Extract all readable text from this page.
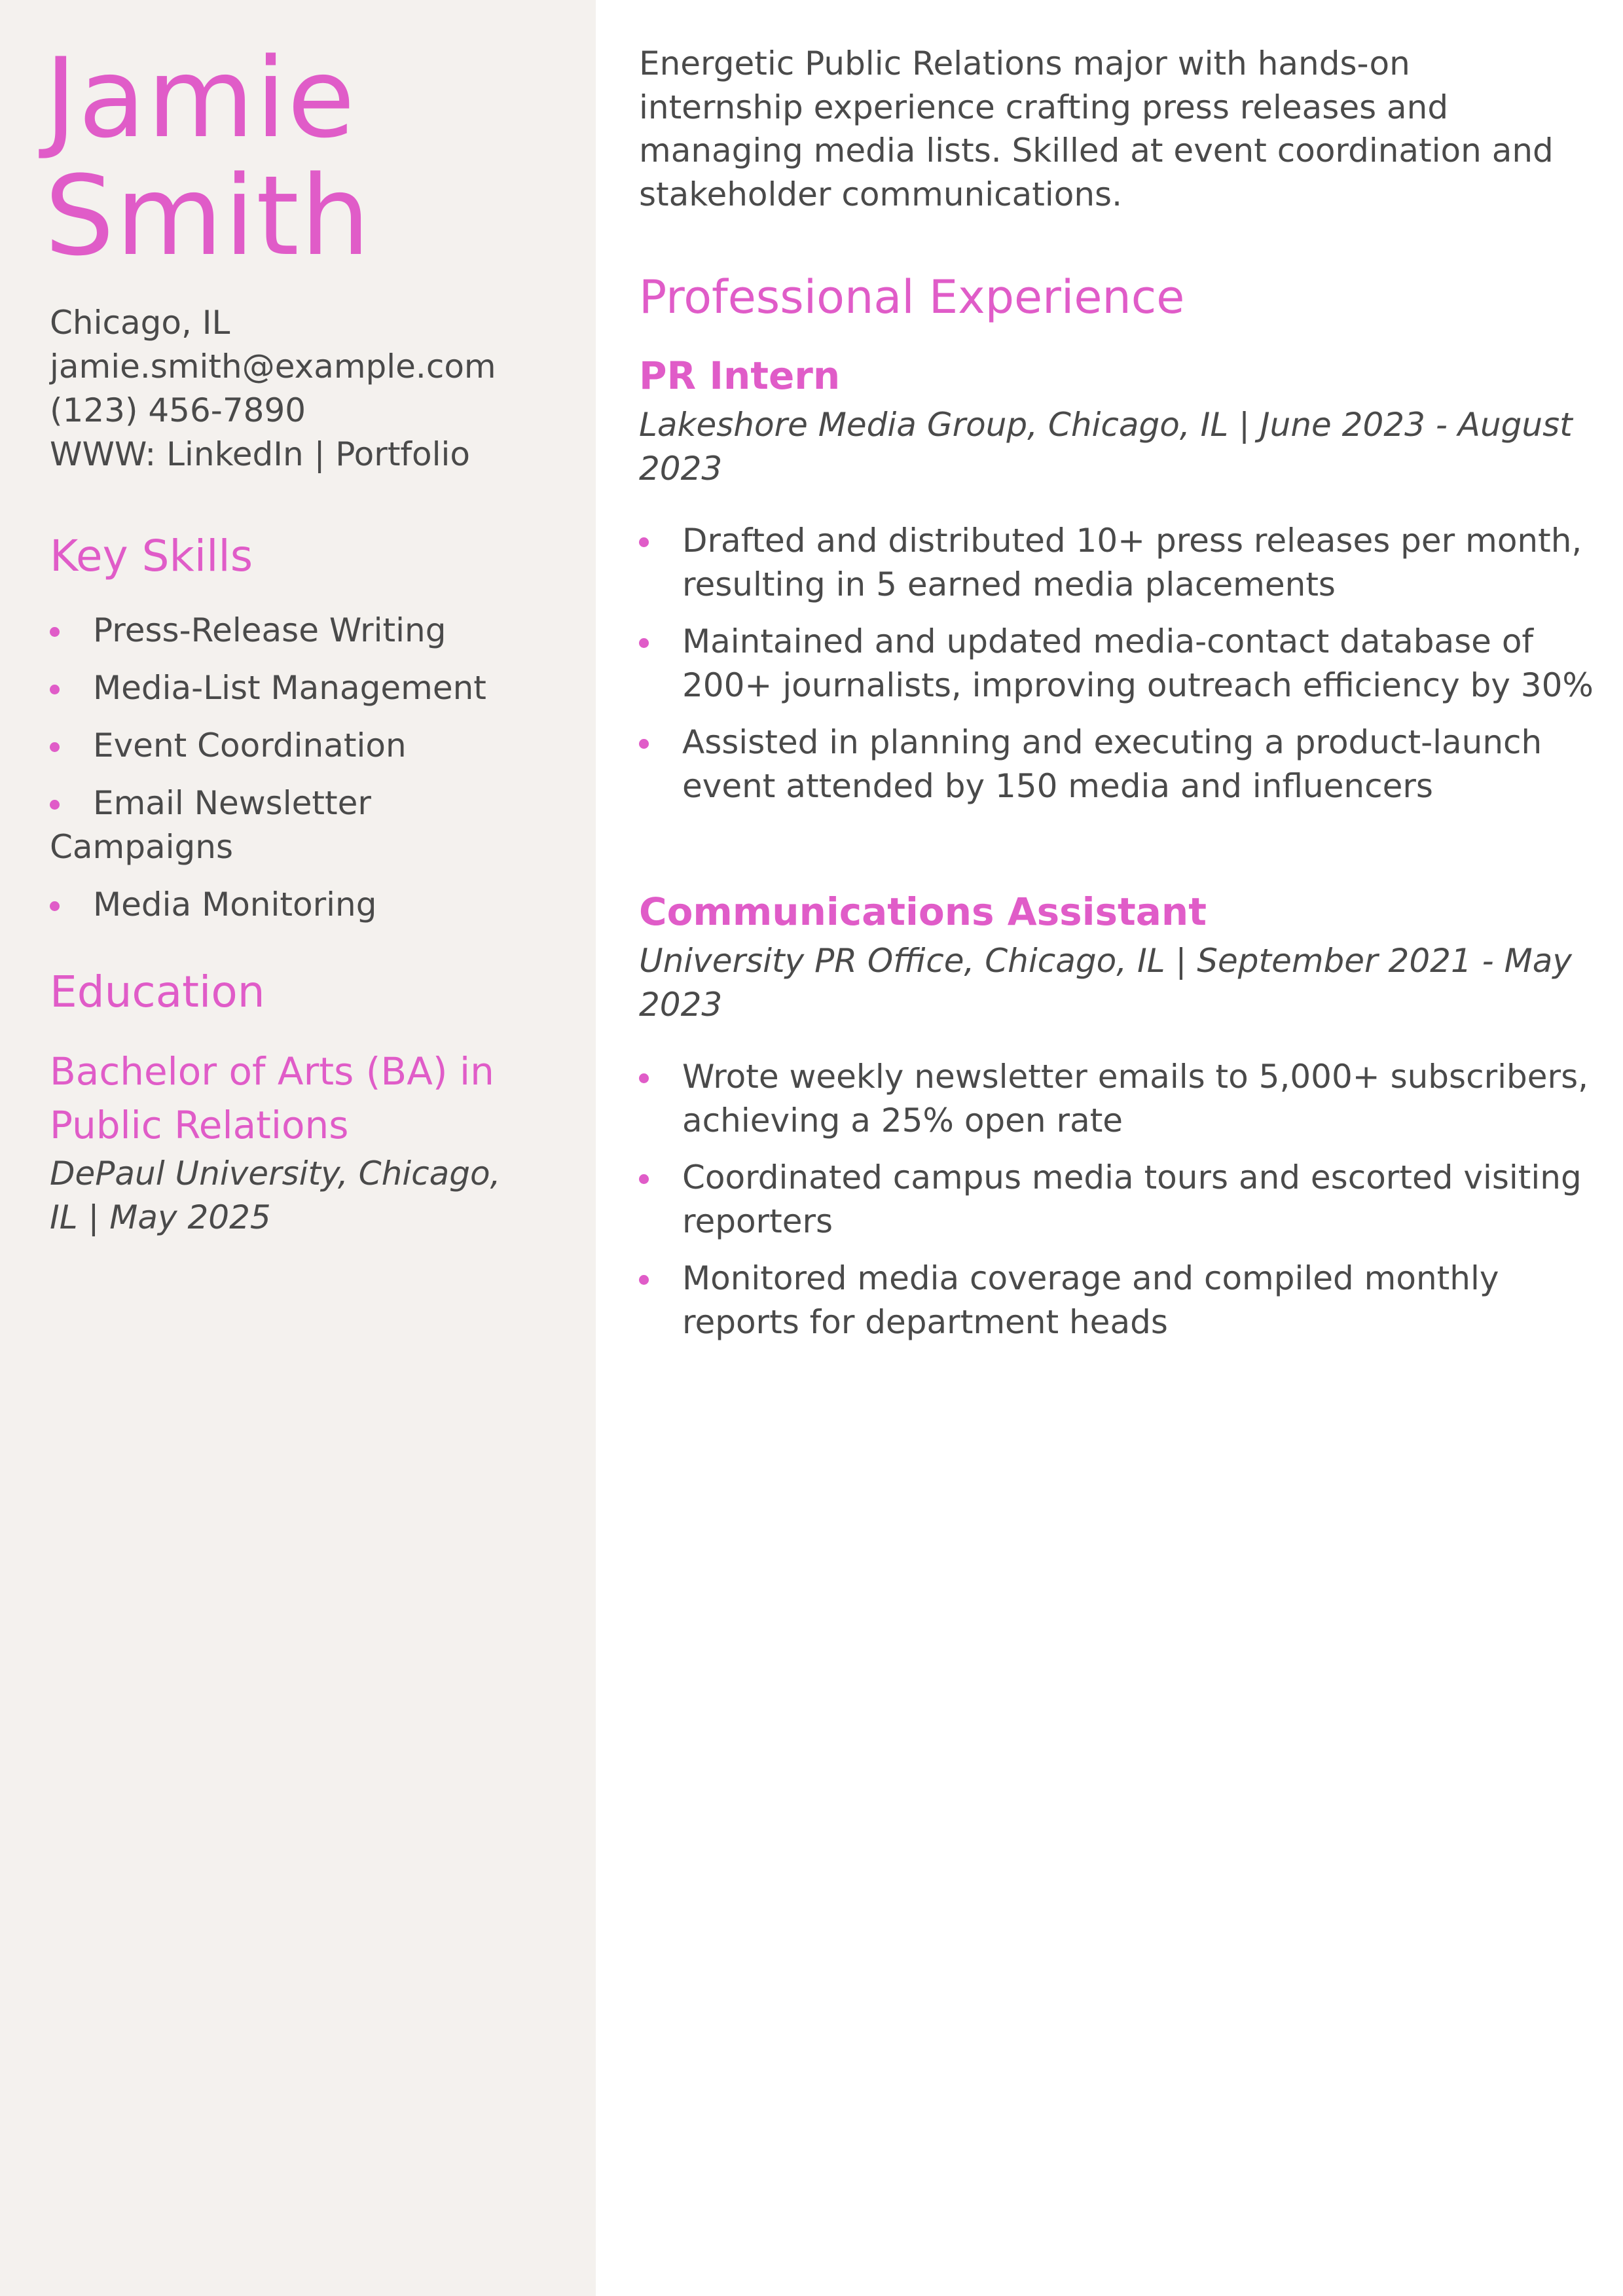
Jamie
Smith
Chicago, IL
jamie.smith@example.com
(123) 456-7890
WWW: LinkedIn | Portfolio
Key Skills
Press-Release Writing
Media-List Management
Event Coordination
Email Newsletter Campaigns
Media Monitoring
Education
Bachelor of Arts (BA) in
Public Relations
DePaul University, Chicago,
IL | May 2025

Energetic Public Relations major with hands-on
internship experience crafting press releases and
managing media lists. Skilled at event coordination and
stakeholder communications.

Professional Experience
PR Intern
Lakeshore Media Group, Chicago, IL | June 2023 - August
2023
Drafted and distributed 10+ press releases per month,
resulting in 5 earned media placements
Maintained and updated media-contact database of
200+ journalists, improving outreach efficiency by 30%
Assisted in planning and executing a product-launch
event attended by 150 media and influencers
Communications Assistant
University PR Office, Chicago, IL | September 2021 - May
2023
Wrote weekly newsletter emails to 5,000+ subscribers,
achieving a 25% open rate
Coordinated campus media tours and escorted visiting
reporters
Monitored media coverage and compiled monthly
reports for department heads
